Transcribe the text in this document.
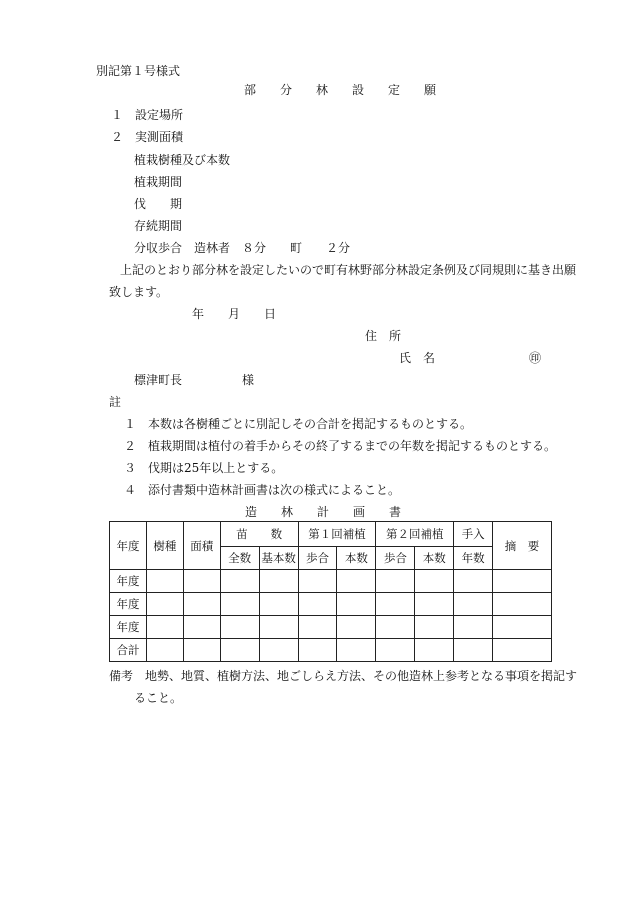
別記第１号様式
部　　分　　林　　設　　定　　願
１　設定場所
２　実測面積
植栽樹種及び本数
植栽期間
伐　　期
存続期間
分収歩合　造林者　８分　　町　　２分
上記のとおり部分林を設定したいので町有林野部分林設定条例及び同規則に基き出願
致します。
年　　月　　日
住　所
氏　名	㊞
標津町長　　　　　様
註
１　本数は各樹種ごとに別記しその合計を掲記するものとする。
２　植栽期間は植付の着手からその終了するまでの年数を掲記するものとする。
３　伐期は25年以上とする。
４　添付書類中造林計画書は次の様式によること。
造　　林　　計　　画　　書
年度	樹種	面積	苗　　数		第１回補植		第２回補植		手入	摘　要
			全数	基本数	歩合	本数	歩合	本数	年数	
年度										
年度										
年度										
合計										
備考 地勢、地質、植樹方法、地ごしらえ方法、その他造林上参考となる事項を掲記す
ること。
